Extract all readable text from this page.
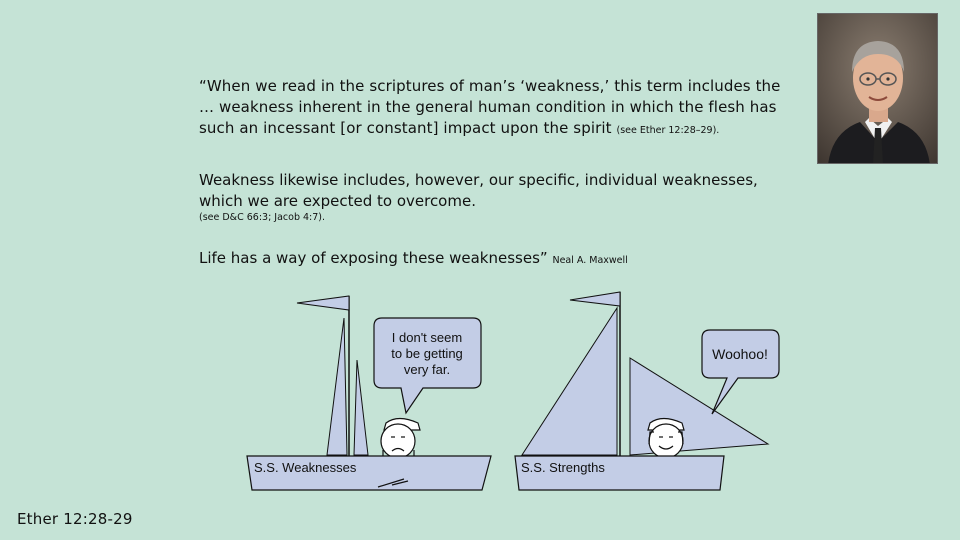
“When we read in the scriptures of man’s ‘weakness,’ this term includes the

… weakness inherent in the general human condition in which the flesh has

such an incessant [or constant] impact upon the spirit (see Ether 12:28–29).

Weakness likewise includes, however, our specific, individual weaknesses,
which we are expected to overcome.
(see D&C 66:3; Jacob 4:7).
Life has a way of exposing these weaknesses” Neal A. Maxwell
S.S. Weaknesses
I don't seem
to be getting
very far.
S.S. Strengths
Woohoo!
Ether 12:28-29
